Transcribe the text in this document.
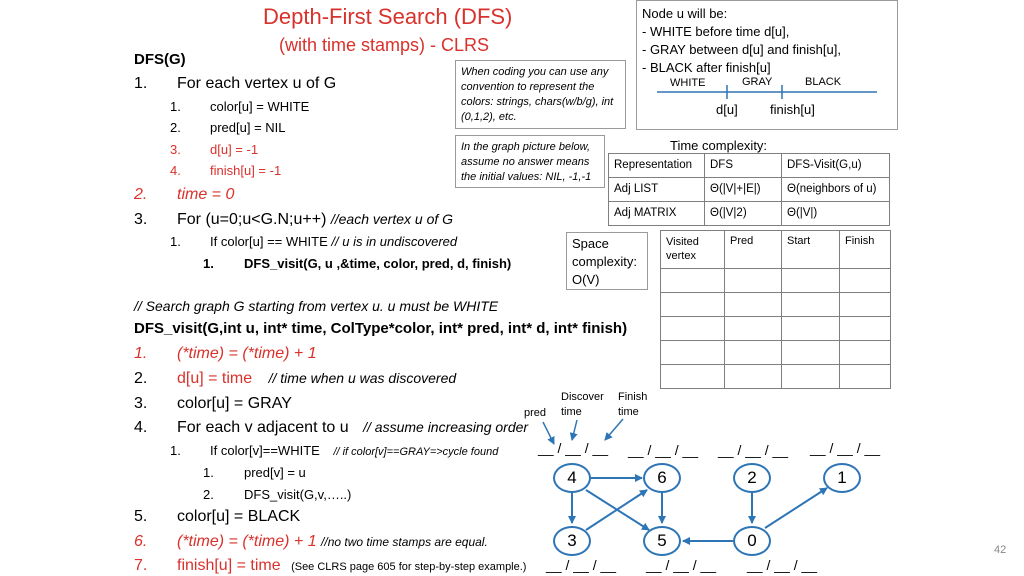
Depth-First Search (DFS)
(with time stamps) - CLRS
DFS(G)
1. For each vertex u of G
1. color[u] = WHITE
2. pred[u] = NIL
3. d[u] = -1
4. finish[u] = -1
2. time = 0
3. For (u=0;u<G.N;u++) //each vertex u of G
1. If color[u] == WHITE // u is in undiscovered
1. DFS_visit(G, u ,&time, color, pred, d, finish)
// Search graph G starting from vertex u. u must be WHITE
DFS_visit(G,int u, int* time, ColType*color, int* pred, int* d, int* finish)
1. (*time) = (*time) + 1
2. d[u] = time // time when u was discovered
3. color[u] = GRAY
4. For each v adjacent to u // assume increasing order
1. If color[v]==WHITE // if color[v]==GRAY=>cycle found
1. pred[v] = u
2. DFS_visit(G,v,…..)
5. color[u] = BLACK
6. (*time) = (*time) + 1 //no two time stamps are equal.
7. finish[u] = time (See CLRS page 605 for step-by-step example.)
When coding you can use any convention to represent the colors: strings, chars(w/b/g), int (0,1,2), etc.
In the graph picture below, assume no answer means the initial values: NIL, -1,-1
Node u will be:
- WHITE before time d[u],
- GRAY between d[u] and finish[u],
- BLACK after finish[u]
WHITE	GRAY	BLACK
d[u] finish[u]
Time complexity:
Representation	DFS	DFS-Visit(G,u)
Adj LIST	Θ(|V|+|E|)	Θ(neighbors of u)
Adj MATRIX	Θ(|V|2)	Θ(|V|)
Space complexity: O(V)
Visited vertex	Pred	Start	Finish

4	6	2	1
3	5	0
pred
Discover time
Finish time
__ / __ / __ __ / __ / __ __ / __ / __ __ / __ / __
__ / __ / __ __ / __ / __ __ / __ / __
42
